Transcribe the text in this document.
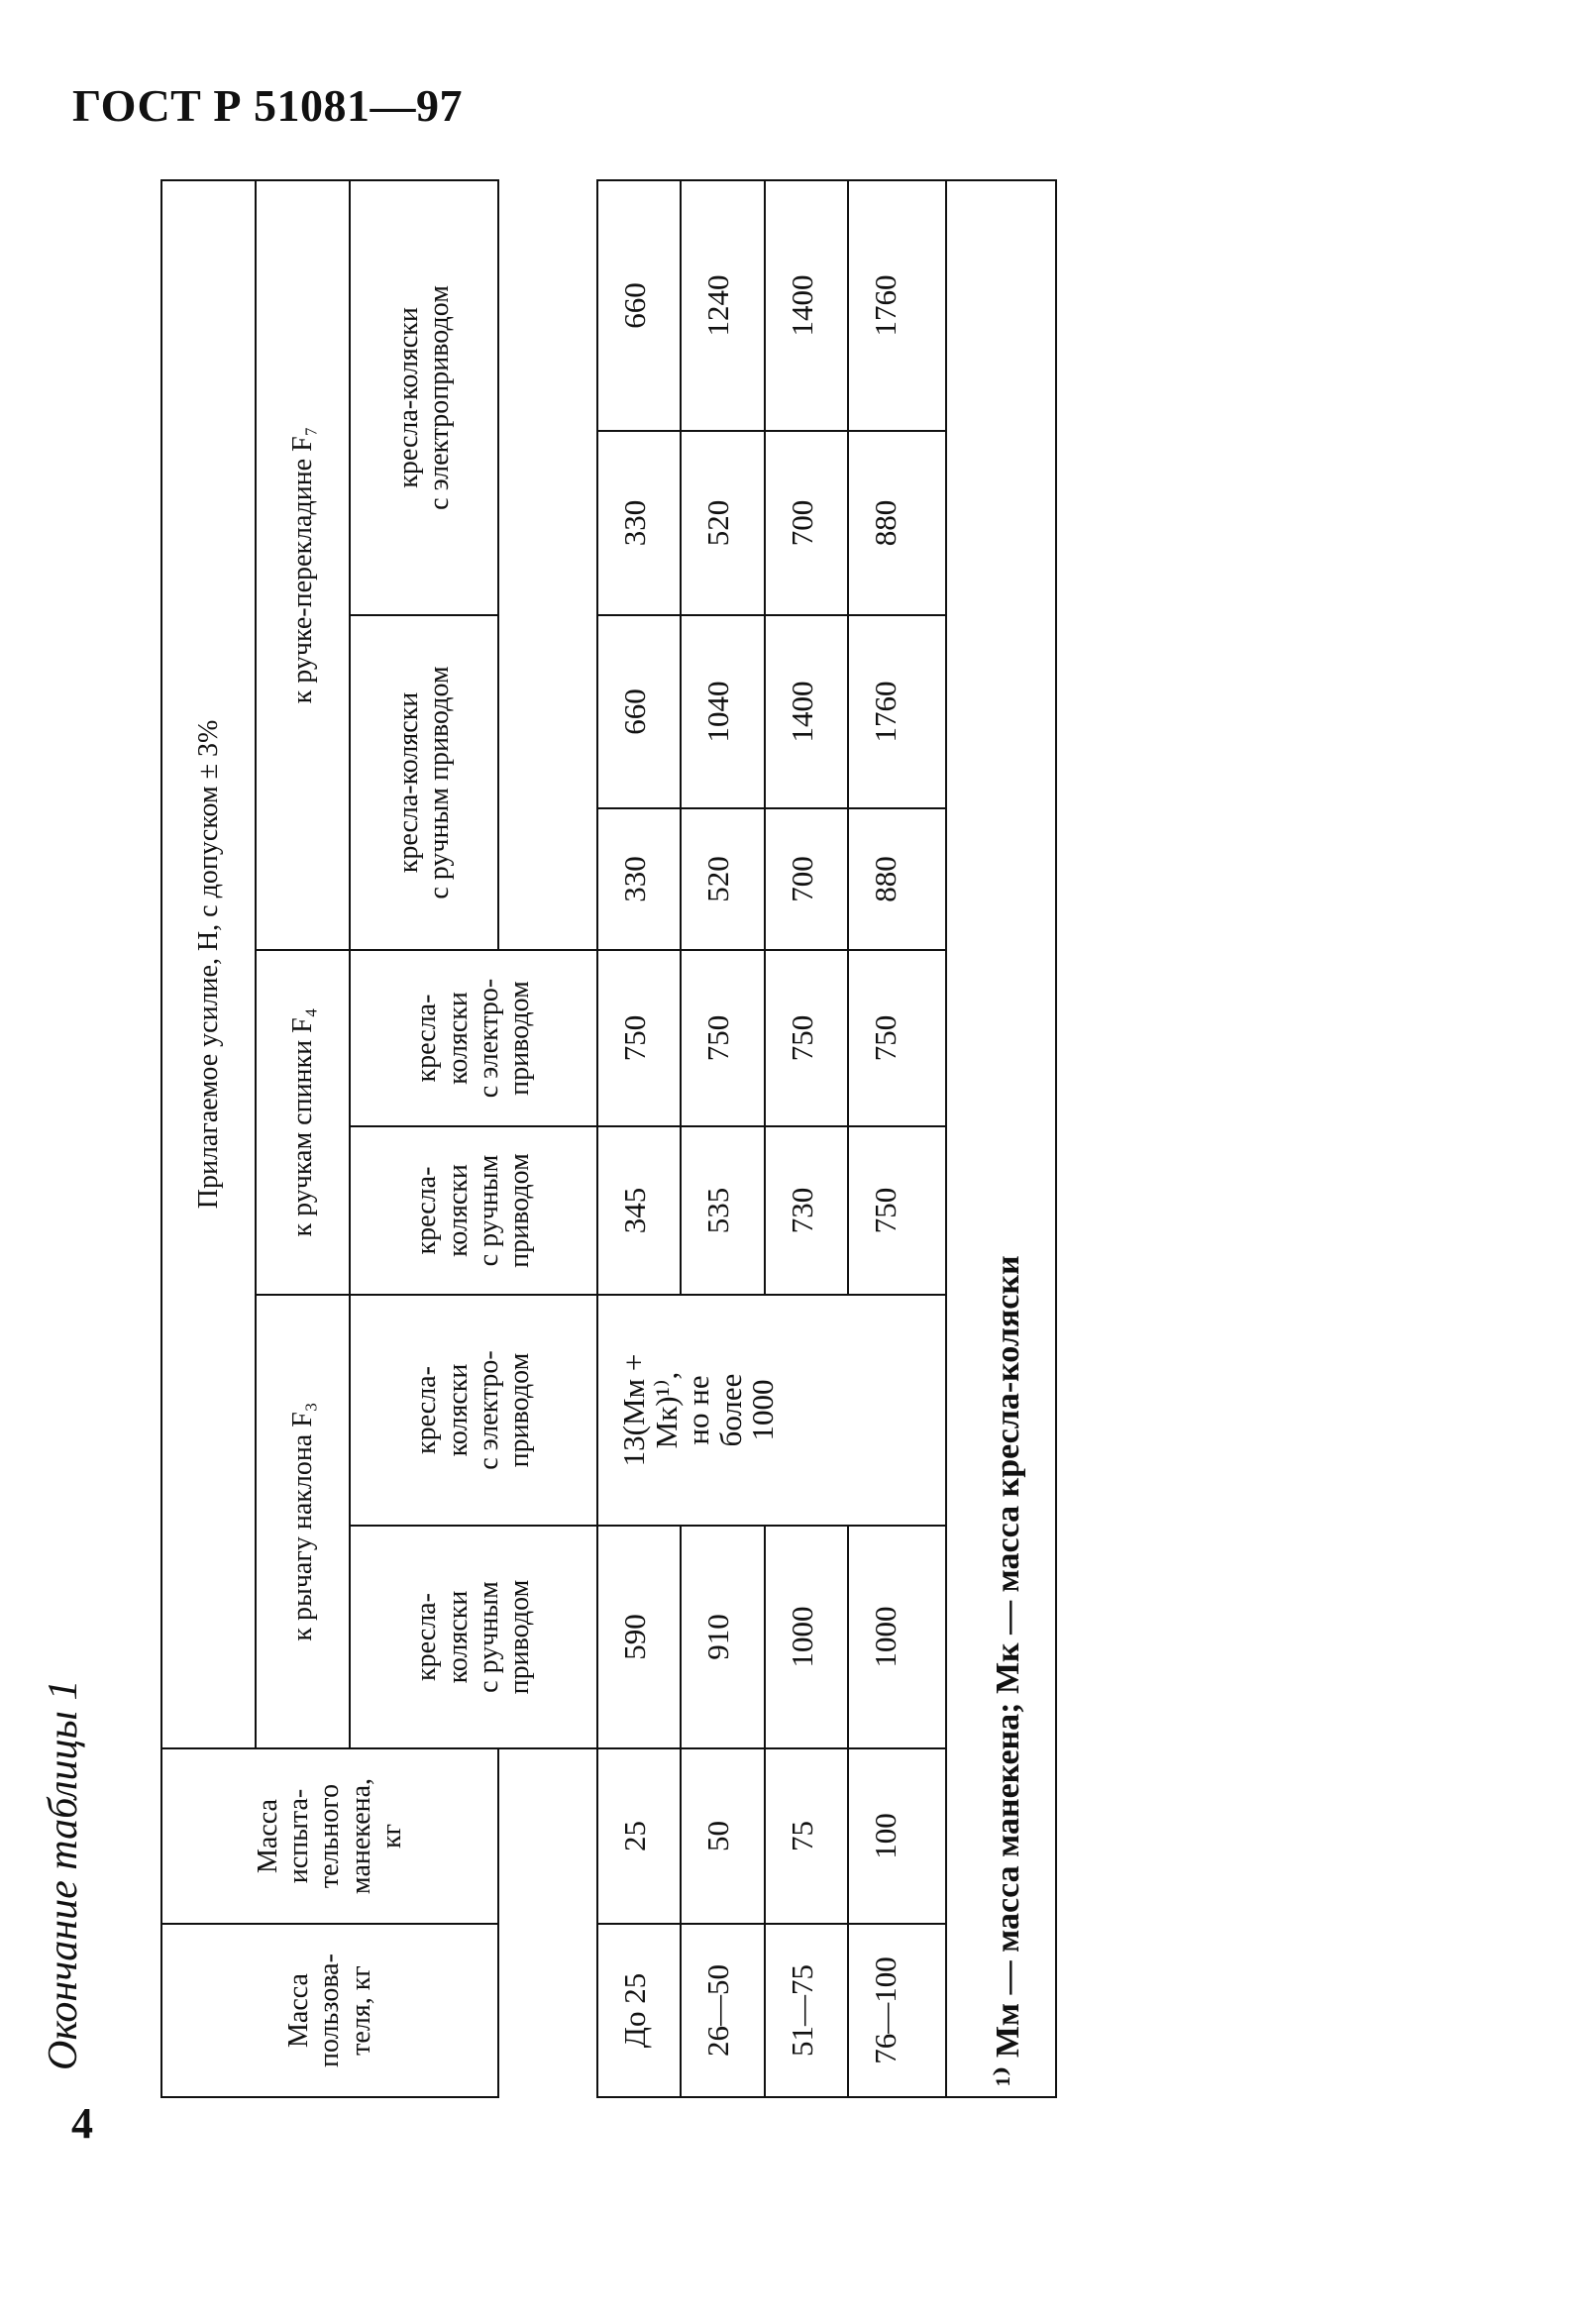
ГОСТ Р 51081—97
Окончание таблицы 1	Масса
пользова-
теля, кг	Масса
испыта-
тельного
манекена,
кг	Прилагаемое усилие, Н, с допуском ± 3%							
		к рычагу наклона F₃		к ручкам спинки F₄		к ручке-перекладине F₇			
		кресла-
коляски
с ручным
приводом	кресла-
коляски
с электро-
приводом	кресла-
коляски
с ручным
приводом	кресла-
коляски
с электро-
приводом	кресла-коляски
с ручным приводом		кресла-коляски
с электроприводом	

До 25	25	590	13(Mм +
Mк)¹⁾,
но не
более
1000	345	750	330	660	330	660
26—50	50	910		535	750	520	1040	520	1240
51—75	75	1000		730	750	700	1400	700	1400
76—100	100	1000		750	750	880	1760	880	1760
¹⁾ Mм — масса манекена; Mк — масса кресла-коляски									
4
